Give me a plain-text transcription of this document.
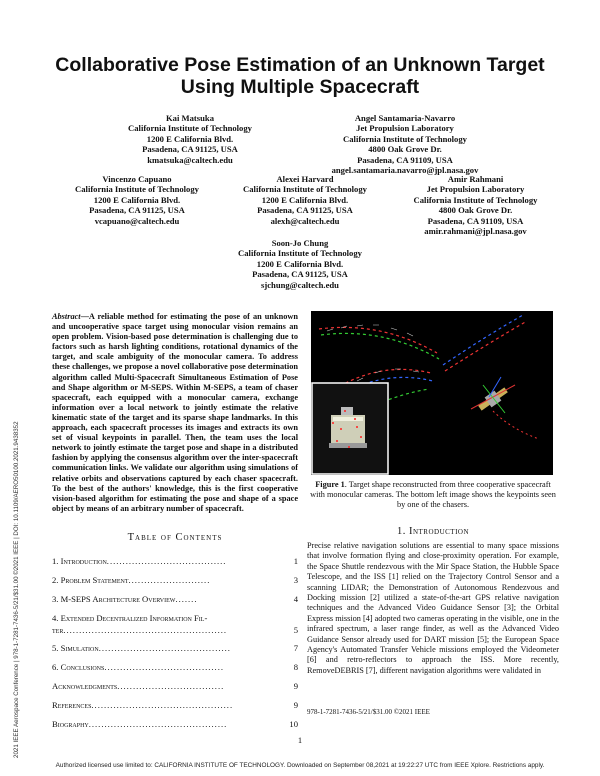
Collaborative Pose Estimation of an Unknown Target
Using Multiple Spacecraft
Kai Matsuka
California Institute of Technology
1200 E California Blvd.
Pasadena, CA 91125, USA
kmatsuka@caltech.edu
Angel Santamaria-Navarro
Jet Propulsion Laboratory
California Institute of Technology
4800 Oak Grove Dr.
Pasadena, CA 91109, USA
angel.santamaria.navarro@jpl.nasa.gov
Vincenzo Capuano
California Institute of Technology
1200 E California Blvd.
Pasadena, CA 91125, USA
vcapuano@caltech.edu
Alexei Harvard
California Institute of Technology
1200 E California Blvd.
Pasadena, CA 91125, USA
alexh@caltech.edu
Amir Rahmani
Jet Propulsion Laboratory
California Institute of Technology
4800 Oak Grove Dr.
Pasadena, CA 91109, USA
amir.rahmani@jpl.nasa.gov
Soon-Jo Chung
California Institute of Technology
1200 E California Blvd.
Pasadena, CA 91125, USA
sjchung@caltech.edu
2021 IEEE Aerospace Conference | 978-1-7281-7436-5/21/$31.00 ©2021 IEEE | DOI: 10.1109/AERO50100.2021.9438352
Abstract—A reliable method for estimating the pose of an unknown and uncooperative space target using monocular vision remains an open problem. Vision-based pose determination is challenging due to factors such as harsh lighting conditions, rotational dynamics of the target, and scale ambiguity of the monocular camera. To address these challenges, we propose a novel collaborative pose determination algorithm called Multi-Spacecraft Simultaneous Estimation of Pose and Shape algorithm or M-SEPS. Within M-SEPS, a team of chaser spacecraft, each equipped with a monocular camera, exchange information over a local network to jointly estimate the relative kinematic state of the target and its sparse shape landmarks. In this approach, each spacecraft processes its images and extracts its own set of visual keypoints in parallel. Then, the team uses the local network to jointly estimate the target pose and shape in a distributed fashion by applying the consensus algorithm over the inter-spacecraft communication links. We validate our algorithm using simulations of relative orbits and observations captured by each chaser spacecraft. To the best of the authors' knowledge, this is the first cooperative vision-based algorithm for estimating the pose and shape of a space object by means of an arbitrary number of spacecraft.
Figure 1. Target shape reconstructed from three cooperative spacecraft with monocular cameras. The bottom left image shows the keypoints seen by one of the chasers.
Table of Contents
1. Introduction......................................	1
2. Problem Statement..........................	3
3. M-SEPS Architecture Overview.......	4
4. Extended Decentralized Information Fil-
ter....................................................	5
5. Simulation..........................................	7
6. Conclusions......................................	8
Acknowledgments..................................	9
References.............................................	9
Biography............................................	10
1. Introduction
Precise relative navigation solutions are essential to many space missions that involve formation flying and close-proximity operation. For example, the Space Shuttle rendezvous with the Mir Space Station, the Hubble Space Telescope, and the ISS [1] relied on the Trajectory Control Sensor and a scanning LIDAR; the Demonstration of Autonomous Rendezvous and Docking mission [2] utilized a state-of-the-art GPS relative navigation techniques and the Advanced Video Guidance Sensor [3]; the Orbital Express mission [4] adopted two cameras operating in the visible, one in the infrared spectrum, a laser range finder, as well as the Advanced Video Guidance Sensor already used for DART mission [5]; the European Space Agency's Automated Transfer Vehicle missions employed the Videometer [6] and retro-reflectors to approach the ISS. More recently, RemoveDEBRIS [7], different navigation algorithms were validated in
978-1-7281-7436-5/21/$31.00 ©2021 IEEE
1
Authorized licensed use limited to: CALIFORNIA INSTITUTE OF TECHNOLOGY. Downloaded on September 08,2021 at 19:22:27 UTC from IEEE Xplore. Restrictions apply.
